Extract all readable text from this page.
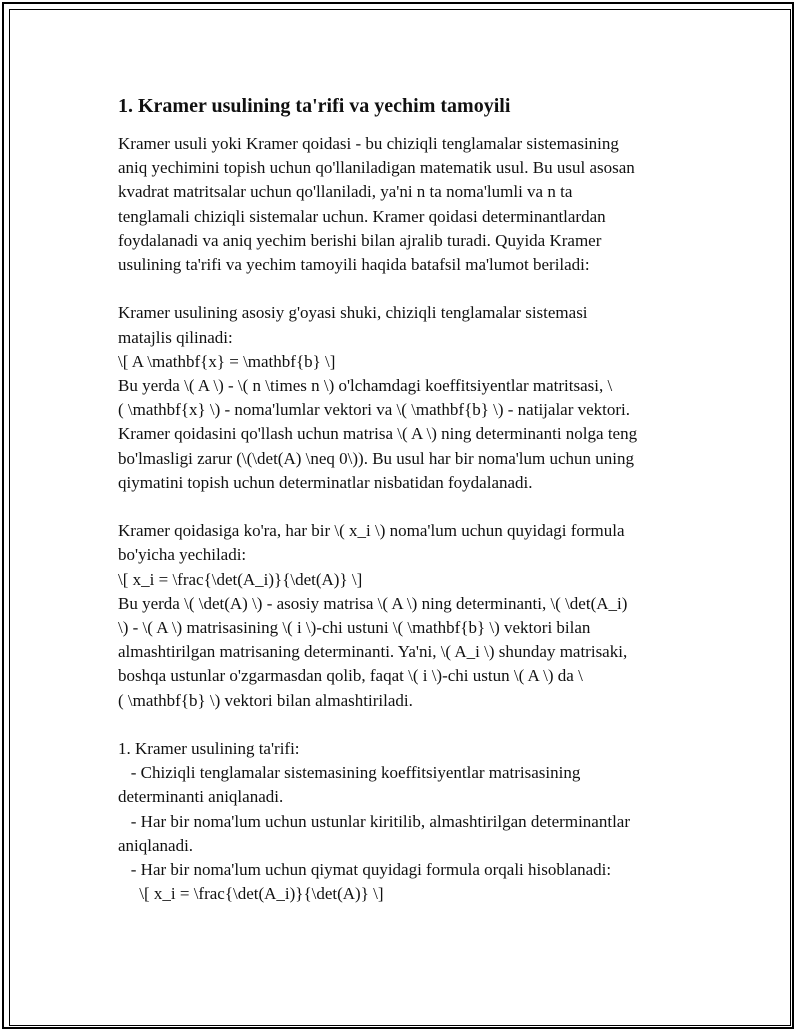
1. Kramer usulining ta'rifi va yechim tamoyili
Kramer usuli yoki Kramer qoidasi - bu chiziqli tenglamalar sistemasining
aniq yechimini topish uchun qo'llaniladigan matematik usul. Bu usul asosan
kvadrat matritsalar uchun qo'llaniladi, ya'ni n ta noma'lumli va n ta
tenglamali chiziqli sistemalar uchun. Kramer qoidasi determinantlardan
foydalanadi va aniq yechim berishi bilan ajralib turadi. Quyida Kramer
usulining ta'rifi va yechim tamoyili haqida batafsil ma'lumot beriladi:
Kramer usulining asosiy g'oyasi shuki, chiziqli tenglamalar sistemasi
matajlis qilinadi:
\[ A \mathbf{x} = \mathbf{b} \]
Bu yerda \( A \) - \( n \times n \) o'lchamdagi koeffitsiyentlar matritsasi, \
( \mathbf{x} \) - noma'lumlar vektori va \( \mathbf{b} \) - natijalar vektori.
Kramer qoidasini qo'llash uchun matrisa \( A \) ning determinanti nolga teng
bo'lmasligi zarur (\(\det(A) \neq 0\)). Bu usul har bir noma'lum uchun uning
qiymatini topish uchun determinatlar nisbatidan foydalanadi.
Kramer qoidasiga ko'ra, har bir \( x_i \) noma'lum uchun quyidagi formula
bo'yicha yechiladi:
\[ x_i = \frac{\det(A_i)}{\det(A)} \]
Bu yerda \( \det(A) \) - asosiy matrisa \( A \) ning determinanti, \( \det(A_i)
\) - \( A \) matrisasining \( i \)-chi ustuni \( \mathbf{b} \) vektori bilan
almashtirilgan matrisaning determinanti. Ya'ni, \( A_i \) shunday matrisaki,
boshqa ustunlar o'zgarmasdan qolib, faqat \( i \)-chi ustun \( A \) da \
( \mathbf{b} \) vektori bilan almashtiriladi.
1. Kramer usulining ta'rifi:
- Chiziqli tenglamalar sistemasining koeffitsiyentlar matrisasining
determinanti aniqlanadi.
- Har bir noma'lum uchun ustunlar kiritilib, almashtirilgan determinantlar
aniqlanadi.
- Har bir noma'lum uchun qiymat quyidagi formula orqali hisoblanadi:
\[ x_i = \frac{\det(A_i)}{\det(A)} \]
